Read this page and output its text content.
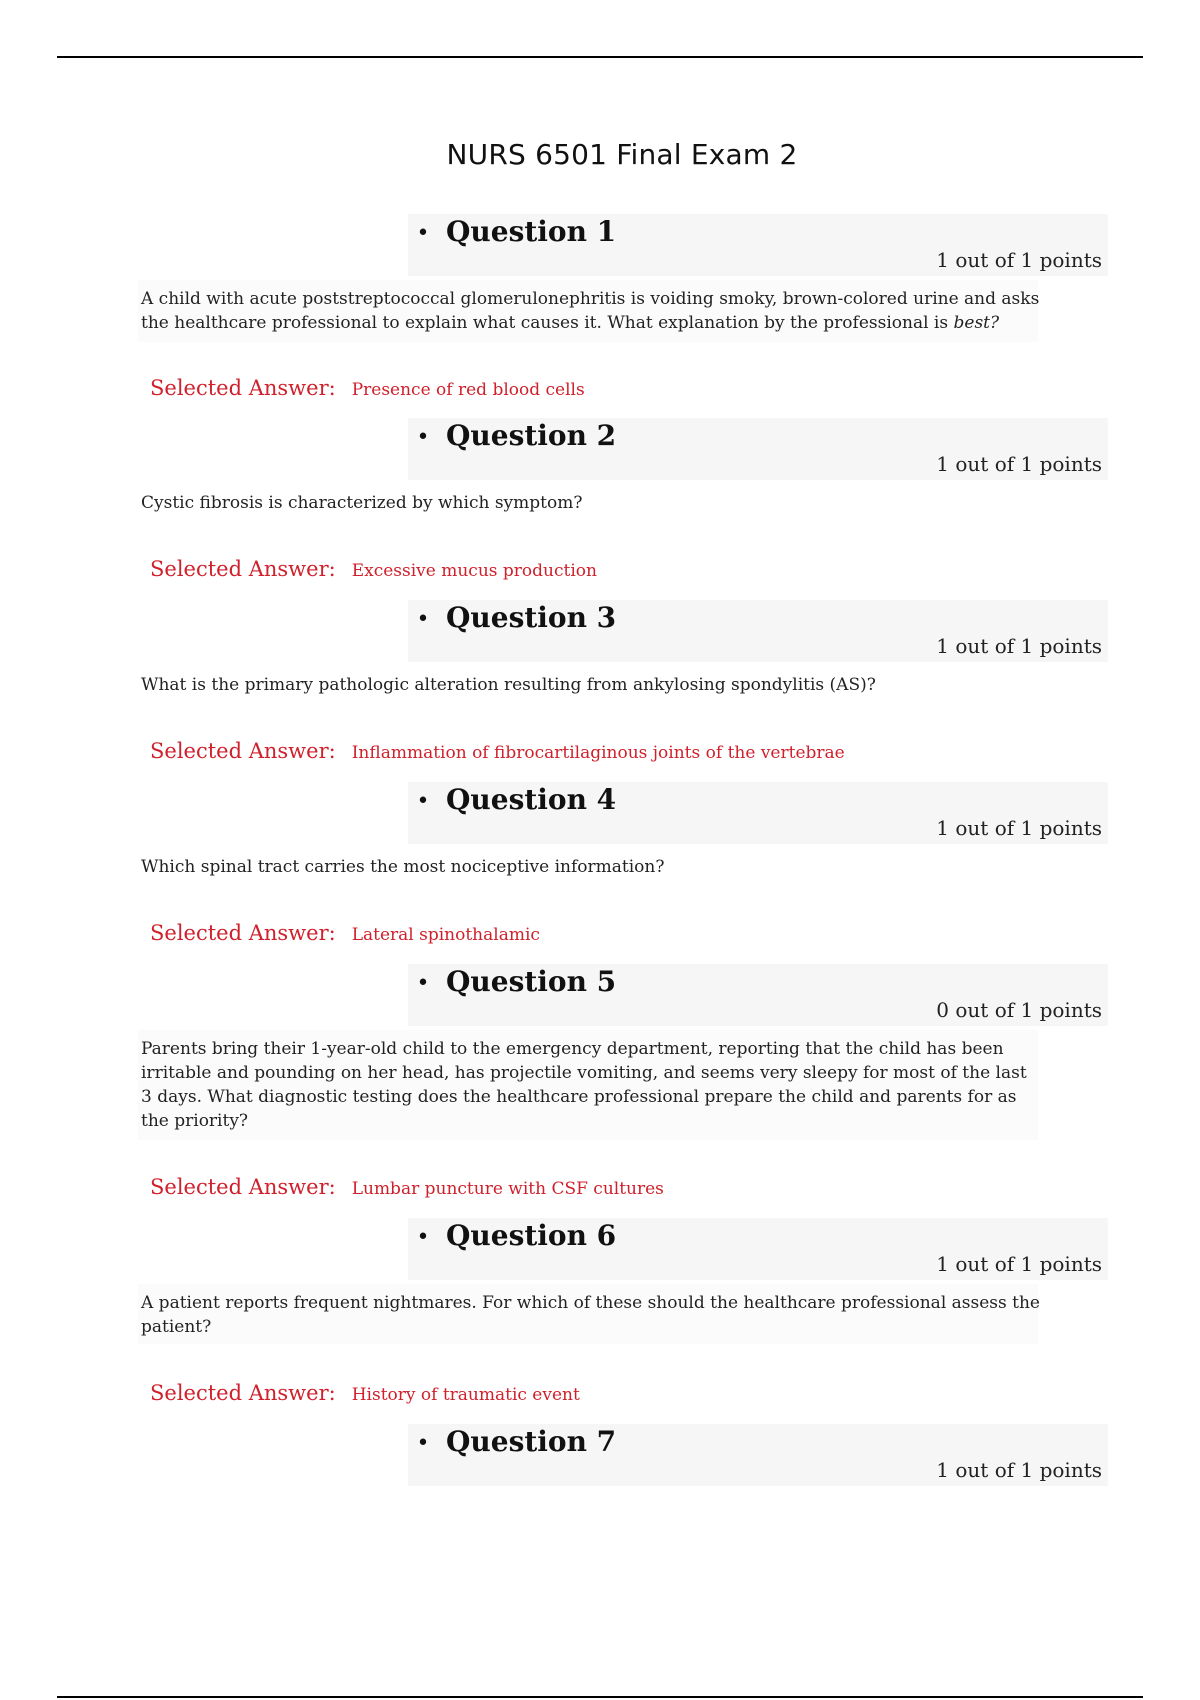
NURS 6501 Final Exam 2
• Question 1
1 out of 1 points
A child with acute poststreptococcal glomerulonephritis is voiding smoky, brown-colored urine and asks the healthcare professional to explain what causes it. What explanation by the professional is best?
Selected Answer: Presence of red blood cells
• Question 2
1 out of 1 points
Cystic fibrosis is characterized by which symptom?
Selected Answer: Excessive mucus production
• Question 3
1 out of 1 points
What is the primary pathologic alteration resulting from ankylosing spondylitis (AS)?
Selected Answer: Inflammation of fibrocartilaginous joints of the vertebrae
• Question 4
1 out of 1 points
Which spinal tract carries the most nociceptive information?
Selected Answer: Lateral spinothalamic
• Question 5
0 out of 1 points
Parents bring their 1-year-old child to the emergency department, reporting that the child has been irritable and pounding on her head, has projectile vomiting, and seems very sleepy for most of the last 3 days. What diagnostic testing does the healthcare professional prepare the child and parents for as the priority?
Selected Answer: Lumbar puncture with CSF cultures
• Question 6
1 out of 1 points
A patient reports frequent nightmares. For which of these should the healthcare professional assess the patient?
Selected Answer: History of traumatic event
• Question 7
1 out of 1 points
